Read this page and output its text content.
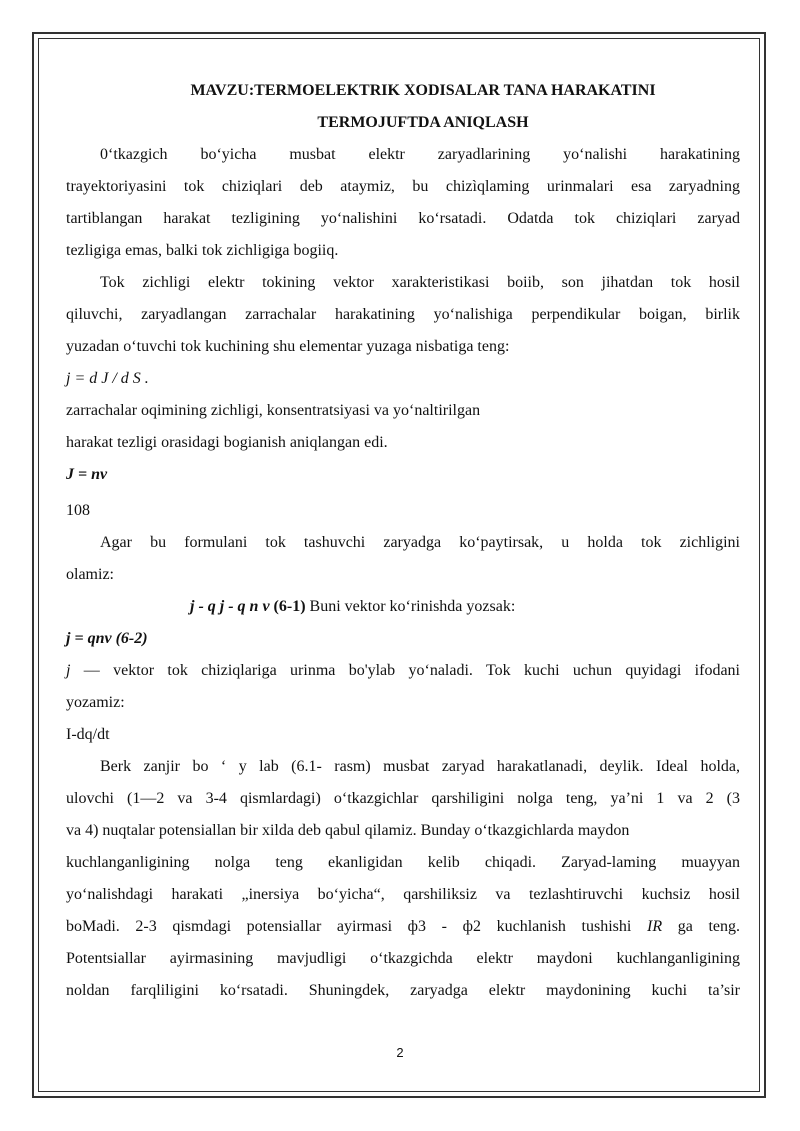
MAVZU:TERMOELEKTRIK XODISALAR TANA HARAKATINI
TERMOJUFTDA ANIQLASH
0‘tkazgich bo‘yicha musbat elektr zaryadlarining yo‘nalishi harakatining
trayektoriyasini tok chiziqlari deb ataymiz, bu chizìqlaming urinmalari esa zaryadning
tartiblangan harakat tezligining yo‘nalishini ko‘rsatadi. Odatda tok chiziqlari zaryad
tezligiga emas, balki tok zichligiga bogiiq.
Tok zichligi elektr tokining vektor xarakteristikasi boiib, son jihatdan tok hosil
qiluvchi, zaryadlangan zarrachalar harakatining yo‘nalishiga perpendikular boigan, birlik
yuzadan o‘tuvchi tok kuchining shu elementar yuzaga nisbatiga teng:
j = d J / d S .
zarrachalar oqimining zichligi, konsentratsiyasi va yo‘naltirilgan
harakat tezligi orasidagi bogianish aniqlangan edi.
J = nv
108
Agar bu formulani tok tashuvchi zaryadga ko‘paytirsak, u holda tok zichligini
olamiz:
j - q j - q n v (6-1) Buni vektor ko‘rinishda yozsak:
j = qnv (6-2)
j — vektor tok chiziqlariga urinma bo'ylab yo‘naladi. Tok kuchi uchun quyidagi ifodani
yozamiz:
I-dq/dt
Berk zanjir bo ‘ y lab (6.1- rasm) musbat zaryad harakatlanadi, deylik. Ideal holda,
ulovchi (1—2 va 3-4 qismlardagi) o‘tkazgichlar qarshiligini nolga teng, ya’ni 1 va 2 (3
va 4) nuqtalar potensiallan bir xilda deb qabul qilamiz. Bunday o‘tkazgichlarda maydon
kuchlanganligining nolga teng ekanligidan kelib chiqadi. Zaryad-laming muayyan
yo‘nalishdagi harakati „inersiya bo‘yicha“, qarshiliksiz va tezlashtiruvchi kuchsiz hosil
boMadi. 2-3 qismdagi potensiallar ayirmasi ф3 - ф2 kuchlanish tushishi IR ga teng.
Potentsiallar ayirmasining mavjudligi o‘tkazgichda elektr maydoni kuchlanganligining
noldan farqliligini ko‘rsatadi. Shuningdek, zaryadga elektr maydonining kuchi ta’sir
2
